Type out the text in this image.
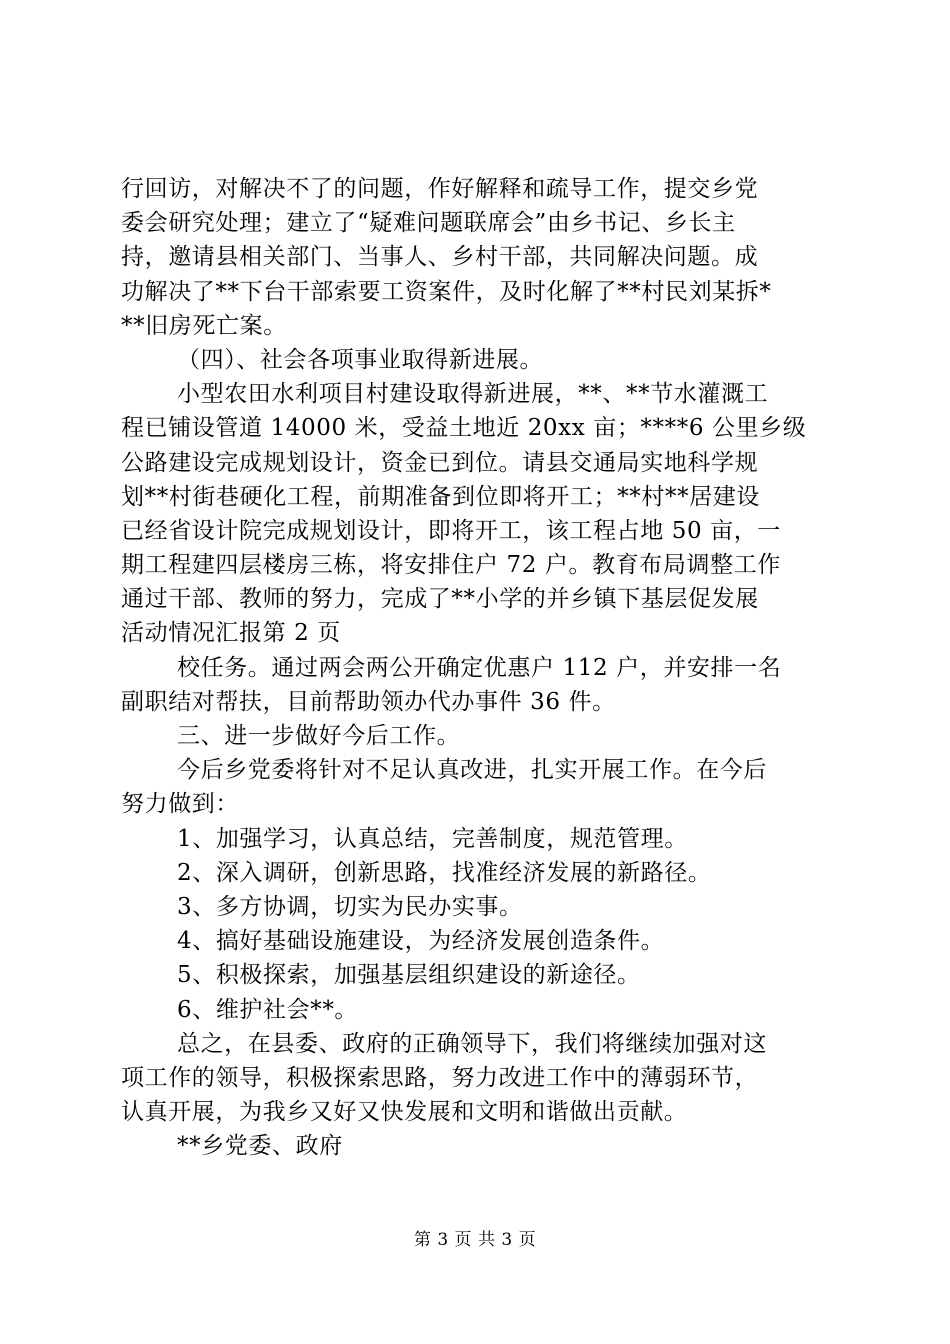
行回访，对解决不了的问题，作好解释和疏导工作，提交乡党
委会研究处理；建立了“疑难问题联席会”由乡书记、乡长主
持，邀请县相关部门、当事人、乡村干部，共同解决问题。成
功解决了**下台干部索要工资案件，及时化解了**村民刘某拆*
**旧房死亡案。
（四）、社会各项事业取得新进展。
小型农田水利项目村建设取得新进展，**、**节水灌溉工
程已铺设管道 14000 米，受益土地近 20xx 亩；****6 公里乡级
公路建设完成规划设计，资金已到位。请县交通局实地科学规
划**村街巷硬化工程，前期准备到位即将开工；**村**居建设
已经省设计院完成规划设计，即将开工，该工程占地 50 亩，一
期工程建四层楼房三栋，将安排住户 72 户。教育布局调整工作
通过干部、教师的努力，完成了**小学的并乡镇下基层促发展
活动情况汇报第 2 页
校任务。通过两会两公开确定优惠户 112 户，并安排一名
副职结对帮扶，目前帮助领办代办事件 36 件。
三、进一步做好今后工作。
今后乡党委将针对不足认真改进，扎实开展工作。在今后
努力做到：
1、加强学习，认真总结，完善制度，规范管理。
2、深入调研，创新思路，找准经济发展的新路径。
3、多方协调，切实为民办实事。
4、搞好基础设施建设，为经济发展创造条件。
5、积极探索，加强基层组织建设的新途径。
6、维护社会**。
总之，在县委、政府的正确领导下，我们将继续加强对这
项工作的领导，积极探索思路，努力改进工作中的薄弱环节，
认真开展，为我乡又好又快发展和文明和谐做出贡献。
**乡党委、政府
第 3 页 共 3 页
